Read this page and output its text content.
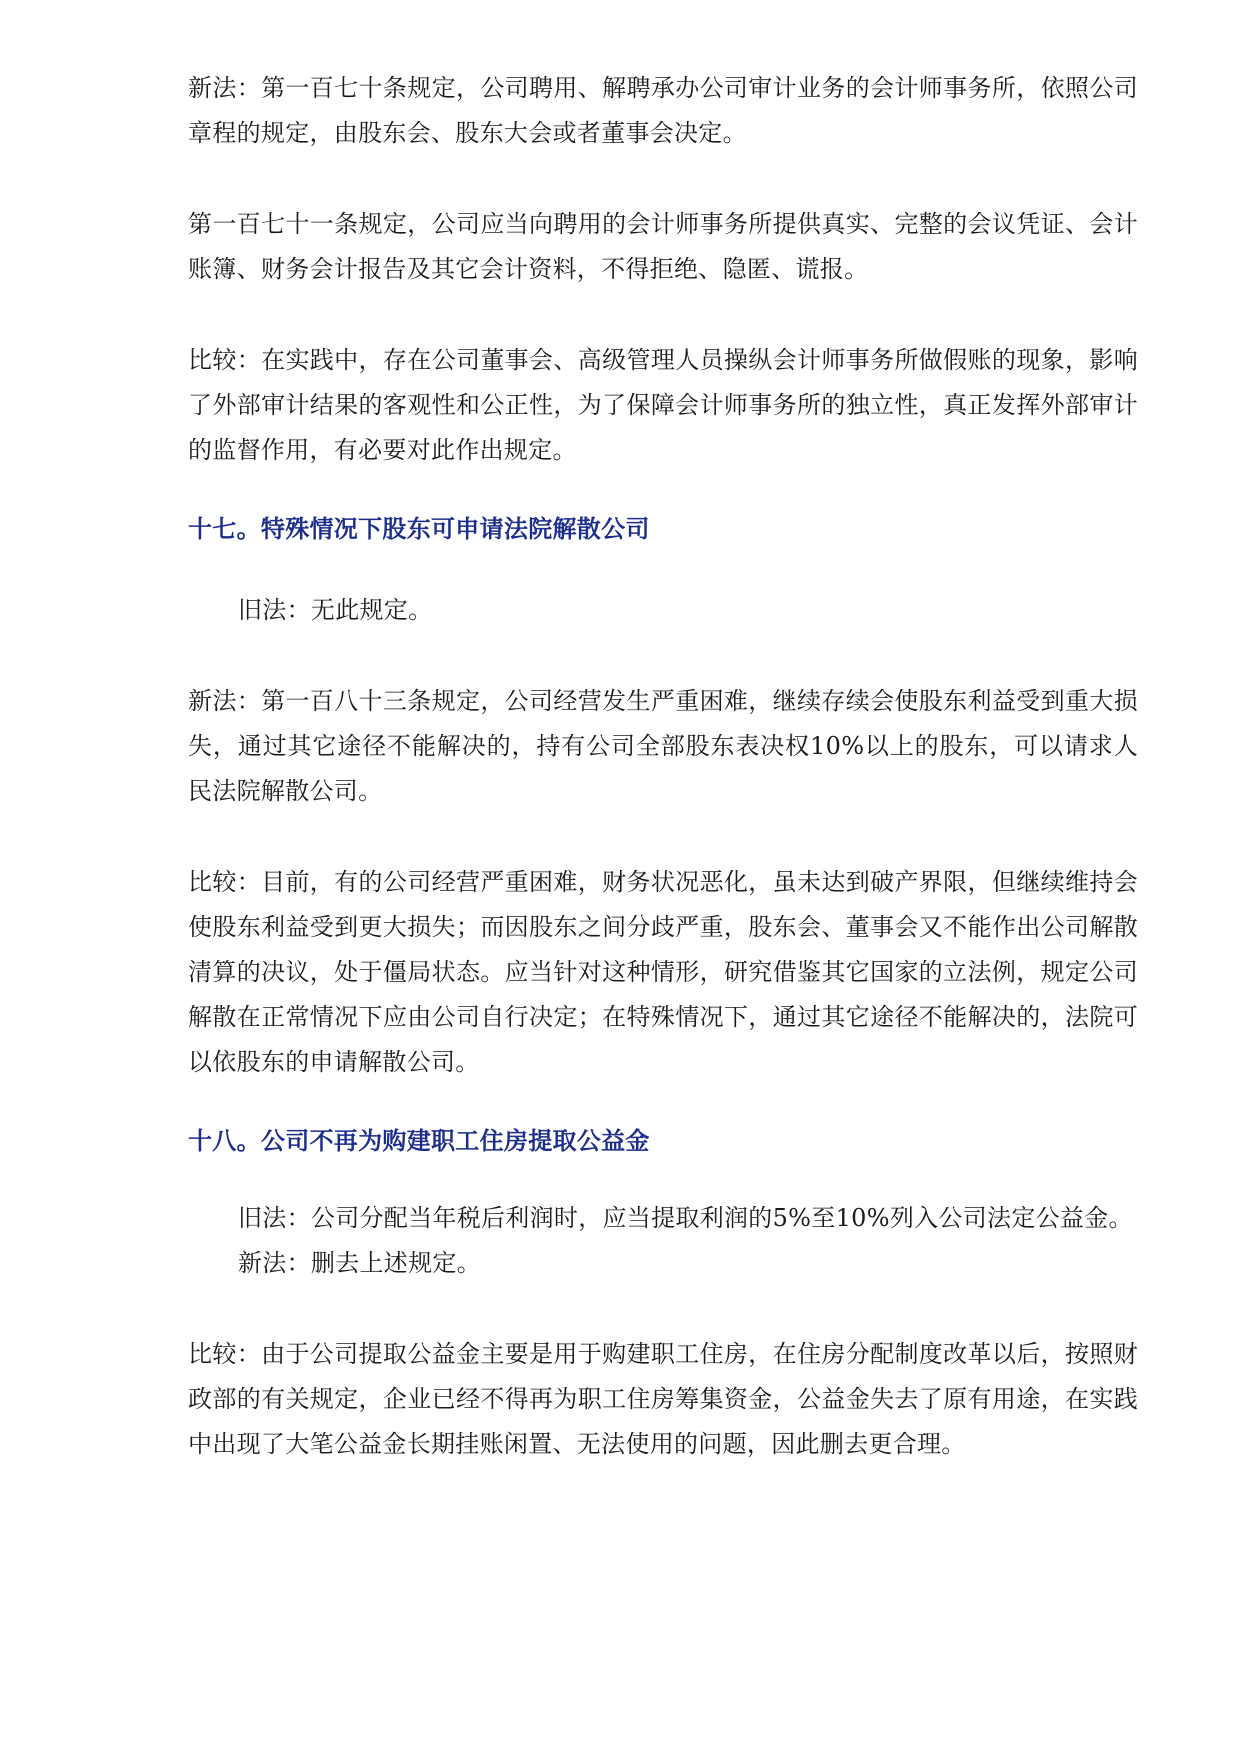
新法：第一百七十条规定，公司聘用、解聘承办公司审计业务的会计师事务所，依照公司章程的规定，由股东会、股东大会或者董事会决定。

第一百七十一条规定，公司应当向聘用的会计师事务所提供真实、完整的会议凭证、会计账簿、财务会计报告及其它会计资料，不得拒绝、隐匿、谎报。

比较：在实践中，存在公司董事会、高级管理人员操纵会计师事务所做假账的现象，影响了外部审计结果的客观性和公正性，为了保障会计师事务所的独立性，真正发挥外部审计的监督作用，有必要对此作出规定。

十七。特殊情况下股东可申请法院解散公司

旧法：无此规定。

新法：第一百八十三条规定，公司经营发生严重困难，继续存续会使股东利益受到重大损失，通过其它途径不能解决的，持有公司全部股东表决权10%以上的股东，可以请求人民法院解散公司。

比较：目前，有的公司经营严重困难，财务状况恶化，虽未达到破产界限，但继续维持会使股东利益受到更大损失；而因股东之间分歧严重，股东会、董事会又不能作出公司解散清算的决议，处于僵局状态。应当针对这种情形，研究借鉴其它国家的立法例，规定公司解散在正常情况下应由公司自行决定；在特殊情况下，通过其它途径不能解决的，法院可以依股东的申请解散公司。

十八。公司不再为购建职工住房提取公益金

旧法：公司分配当年税后利润时，应当提取利润的5%至10%列入公司法定公益金。

新法：删去上述规定。

比较：由于公司提取公益金主要是用于购建职工住房，在住房分配制度改革以后，按照财政部的有关规定，企业已经不得再为职工住房筹集资金，公益金失去了原有用途，在实践中出现了大笔公益金长期挂账闲置、无法使用的问题，因此删去更合理。
